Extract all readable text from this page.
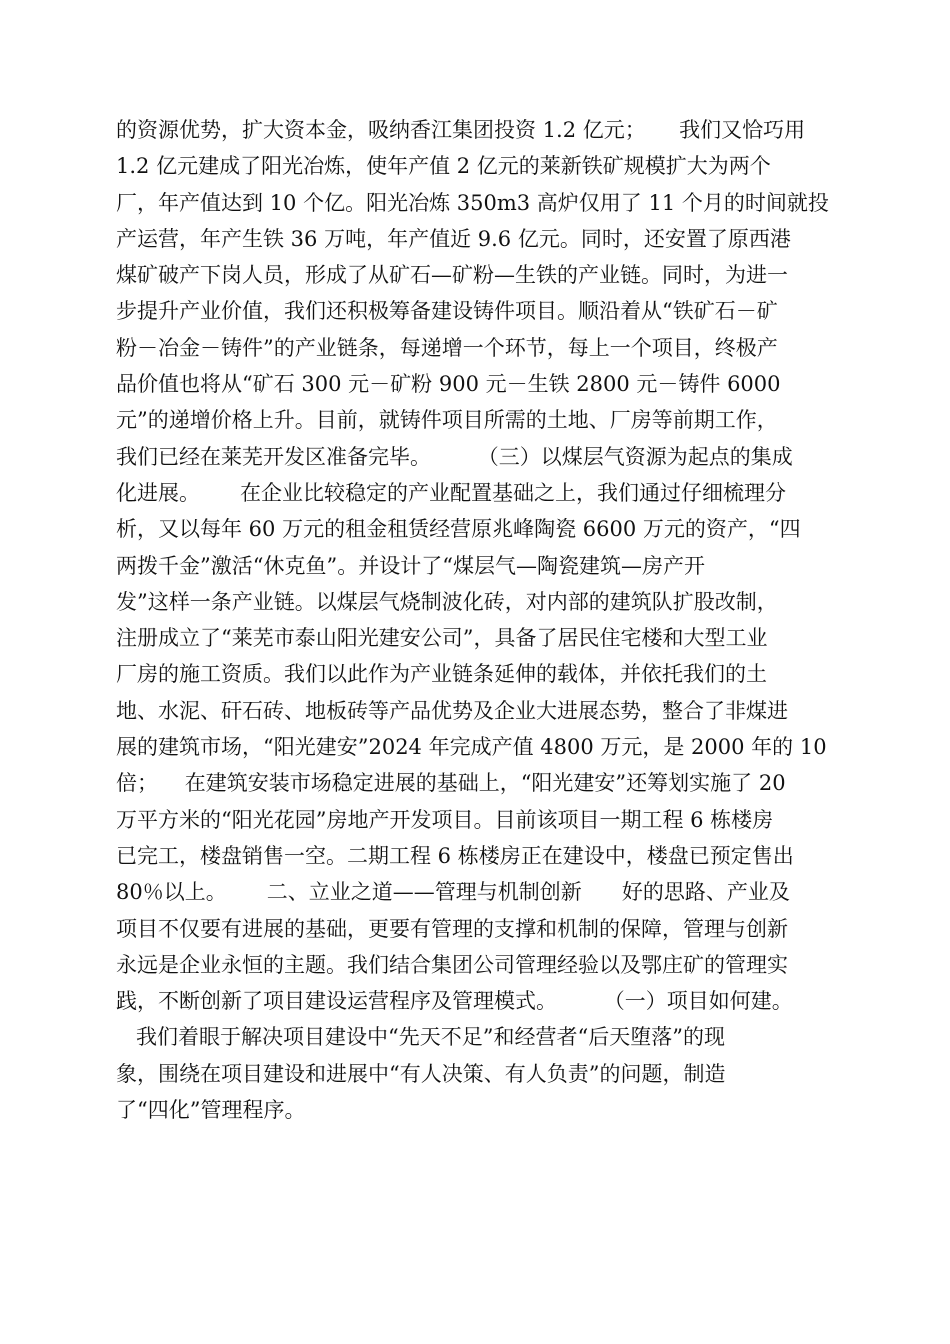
的资源优势，扩大资本金，吸纳香江集团投资 1.2 亿元；     我们又恰巧用
1.2 亿元建成了阳光冶炼，使年产值 2 亿元的莱新铁矿规模扩大为两个
厂，年产值达到 10 个亿。阳光冶炼 350m3 高炉仅用了 11 个月的时间就投
产运营，年产生铁 36 万吨，年产值近 9.6 亿元。同时，还安置了原西港
煤矿破产下岗人员，形成了从矿石—矿粉—生铁的产业链。同时，为进一
步提升产业价值，我们还积极筹备建设铸件项目。顺沿着从“铁矿石－矿
粉－冶金－铸件”的产业链条，每递增一个环节，每上一个项目，终极产
品价值也将从“矿石 300 元－矿粉 900 元－生铁 2800 元－铸件 6000
元”的递增价格上升。目前，就铸件项目所需的土地、厂房等前期工作，
我们已经在莱芜开发区准备完毕。       （三）以煤层气资源为起点的集成
化进展。      在企业比较稳定的产业配置基础之上，我们通过仔细梳理分
析，又以每年 60 万元的租金租赁经营原兆峰陶瓷 6600 万元的资产，“四
两拨千金”激活“休克鱼”。并设计了“煤层气—陶瓷建筑—房产开
发”这样一条产业链。以煤层气烧制波化砖，对内部的建筑队扩股改制，
注册成立了“莱芜市泰山阳光建安公司”，具备了居民住宅楼和大型工业
厂房的施工资质。我们以此作为产业链条延伸的载体，并依托我们的土
地、水泥、矸石砖、地板砖等产品优势及企业大进展态势，整合了非煤进
展的建筑市场，“阳光建安”2024 年完成产值 4800 万元，是 2000 年的 10
倍；    在建筑安装市场稳定进展的基础上，“阳光建安”还筹划实施了 20
万平方米的“阳光花园”房地产开发项目。目前该项目一期工程 6 栋楼房
已完工，楼盘销售一空。二期工程 6 栋楼房正在建设中，楼盘已预定售出
80％以上。      二、立业之道——管理与机制创新      好的思路、产业及
项目不仅要有进展的基础，更要有管理的支撑和机制的保障，管理与创新
永远是企业永恒的主题。我们结合集团公司管理经验以及鄂庄矿的管理实
践，不断创新了项目建设运营程序及管理模式。       （一）项目如何建。
我们着眼于解决项目建设中“先天不足”和经营者“后天堕落”的现
象，围绕在项目建设和进展中“有人决策、有人负责”的问题，制造
了“四化”管理程序。
